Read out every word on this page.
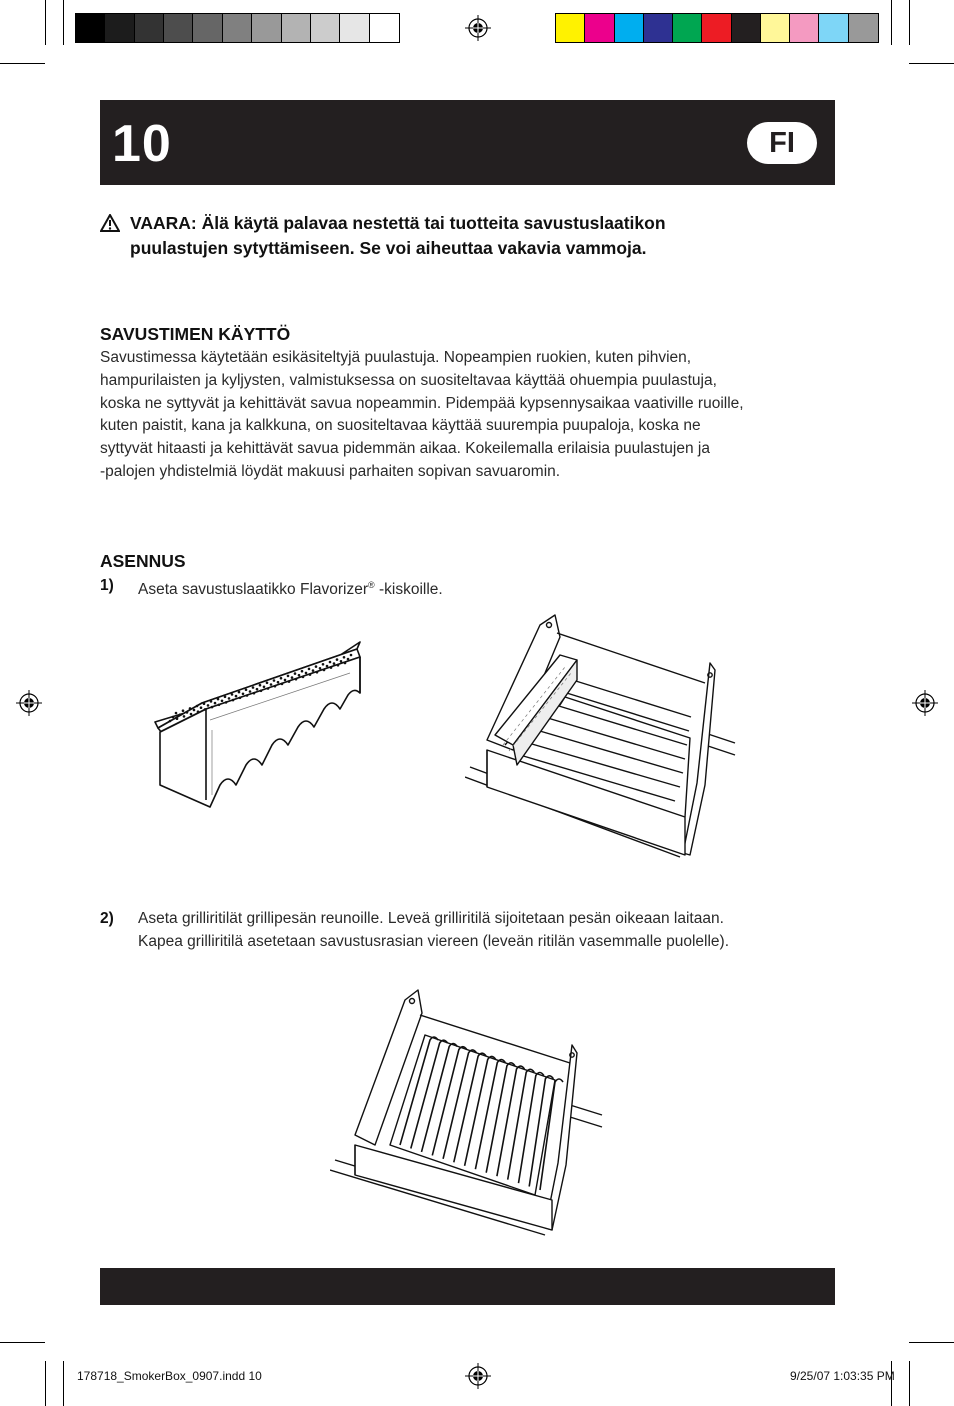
10	FI
VAARA: Älä käytä palavaa nestettä tai tuotteita savustuslaatikon
puulastujen sytyttämiseen. Se voi aiheuttaa vakavia vammoja.
SAVUSTIMEN KÄYTTÖ
Savustimessa käytetään esikäsiteltyjä puulastuja. Nopeampien ruokien, kuten pihvien,
hampurilaisten ja kyljysten, valmistuksessa on suositeltavaa käyttää ohuempia puulastuja,
koska ne syttyvät ja kehittävät savua nopeammin. Pidempää kypsennysaikaa vaativille ruoille,
kuten paistit, kana ja kalkkuna, on suositeltavaa käyttää suurempia puupaloja, koska ne
syttyvät hitaasti ja kehittävät savua pidemmän aikaa. Kokeilemalla erilaisia puulastujen ja
-palojen yhdistelmiä löydät makuusi parhaiten sopivan savuaromin.
ASENNUS
1)	Aseta savustuslaatikko Flavorizer® -kiskoille.
2)	Aseta grilliritilät grillipesän reunoille. Leveä grilliritilä sijoitetaan pesän oikeaan laitaan.
Kapea grilliritilä asetetaan savustusrasian viereen (leveän ritilän vasemmalle puolelle).
178718_SmokerBox_0907.indd 10	9/25/07 1:03:35 PM
